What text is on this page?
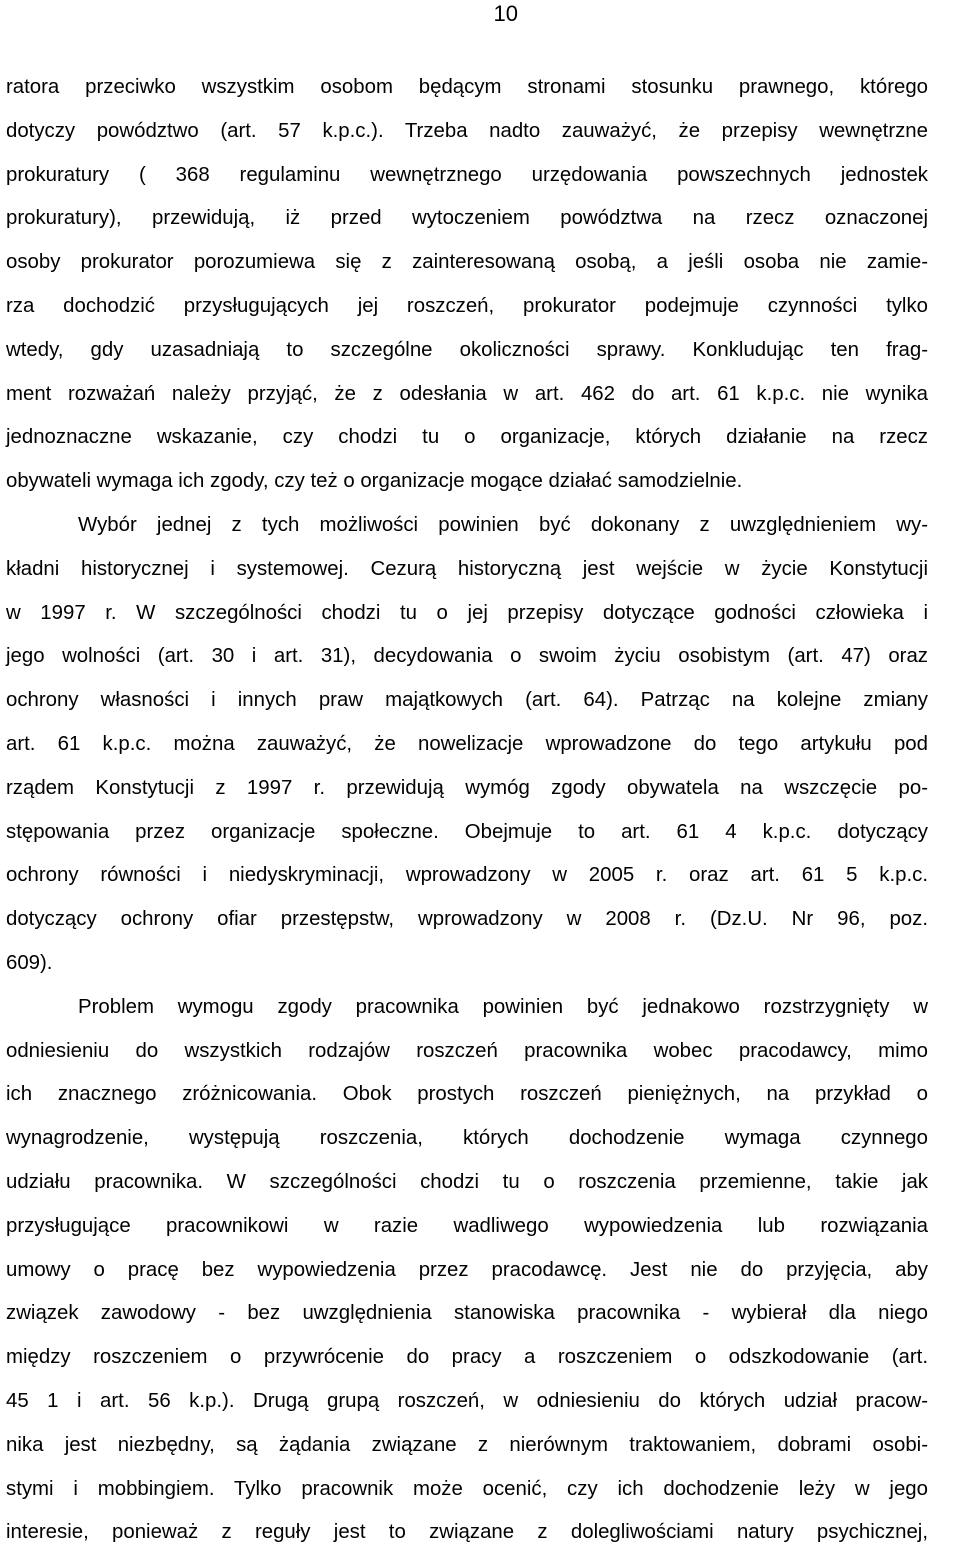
10
ratora przeciwko wszystkim osobom będącym stronami stosunku prawnego, którego
dotyczy powództwo (art. 57 k.p.c.). Trzeba nadto zauważyć, że przepisy wewnętrzne
prokuratury ( 368 regulaminu wewnętrznego urzędowania powszechnych jednostek
prokuratury), przewidują, iż przed wytoczeniem powództwa na rzecz oznaczonej
osoby prokurator porozumiewa się z zainteresowaną osobą, a jeśli osoba nie zamie-
rza dochodzić przysługujących jej roszczeń, prokurator podejmuje czynności tylko
wtedy, gdy uzasadniają to szczególne okoliczności sprawy. Konkludując ten frag-
ment rozważań należy przyjąć, że z odesłania w art. 462 do art. 61 k.p.c. nie wynika
jednoznaczne wskazanie, czy chodzi tu o organizacje, których działanie na rzecz
obywateli wymaga ich zgody, czy też o organizacje mogące działać samodzielnie.
Wybór jednej z tych możliwości powinien być dokonany z uwzględnieniem wy-
kładni historycznej i systemowej. Cezurą historyczną jest wejście w życie Konstytucji
w 1997 r. W szczególności chodzi tu o jej przepisy dotyczące godności człowieka i
jego wolności (art. 30 i art. 31), decydowania o swoim życiu osobistym (art. 47) oraz
ochrony własności i innych praw majątkowych (art. 64). Patrząc na kolejne zmiany
art. 61 k.p.c. można zauważyć, że nowelizacje wprowadzone do tego artykułu pod
rządem Konstytucji z 1997 r. przewidują wymóg zgody obywatela na wszczęcie po-
stępowania przez organizacje społeczne. Obejmuje to art. 61 4 k.p.c. dotyczący
ochrony równości i niedyskryminacji, wprowadzony w 2005 r. oraz art. 61 5 k.p.c.
dotyczący ochrony ofiar przestępstw, wprowadzony w 2008 r. (Dz.U. Nr 96, poz.
609).
Problem wymogu zgody pracownika powinien być jednakowo rozstrzygnięty w
odniesieniu do wszystkich rodzajów roszczeń pracownika wobec pracodawcy, mimo
ich znacznego zróżnicowania. Obok prostych roszczeń pieniężnych, na przykład o
wynagrodzenie, występują roszczenia, których dochodzenie wymaga czynnego
udziału pracownika. W szczególności chodzi tu o roszczenia przemienne, takie jak
przysługujące pracownikowi w razie wadliwego wypowiedzenia lub rozwiązania
umowy o pracę bez wypowiedzenia przez pracodawcę. Jest nie do przyjęcia, aby
związek zawodowy - bez uwzględnienia stanowiska pracownika - wybierał dla niego
między roszczeniem o przywrócenie do pracy a roszczeniem o odszkodowanie (art.
45 1 i art. 56 k.p.). Drugą grupą roszczeń, w odniesieniu do których udział pracow-
nika jest niezbędny, są żądania związane z nierównym traktowaniem, dobrami osobi-
stymi i mobbingiem. Tylko pracownik może ocenić, czy ich dochodzenie leży w jego
interesie, ponieważ z reguły jest to związane z dolegliwościami natury psychicznej,
